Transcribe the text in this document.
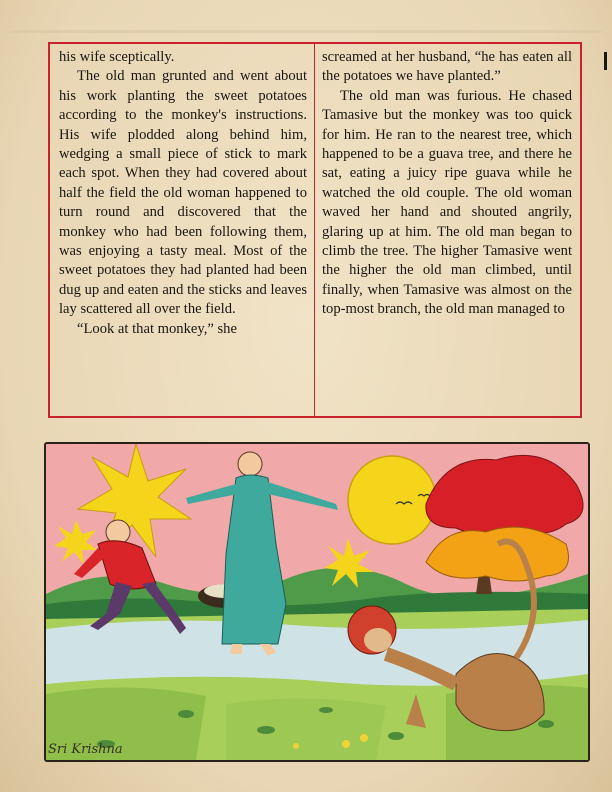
his wife sceptically.

The old man grunted and went about his work planting the sweet potatoes according to the monkey's instructions. His wife plodded along behind him, wedging a small piece of stick to mark each spot. When they had covered about half the field the old woman happened to turn round and discovered that the monkey who had been following them, was enjoying a tasty meal. Most of the sweet potatoes they had planted had been dug up and eaten and the sticks and leaves lay scattered all over the field.

“Look at that monkey,” she

screamed at her husband, “he has eaten all the potatoes we have planted.”

The old man was furious. He chased Tamasive but the monkey was too quick for him. He ran to the nearest tree, which happened to be a guava tree, and there he sat, eating a juicy ripe guava while he watched the old couple. The old woman waved her hand and shouted angrily, glaring up at him. The old man began to climb the tree. The higher Tamasive went the higher the old man climbed, until finally, when Tamasive was almost on the top-most branch, the old man managed to

Sri Krishna
